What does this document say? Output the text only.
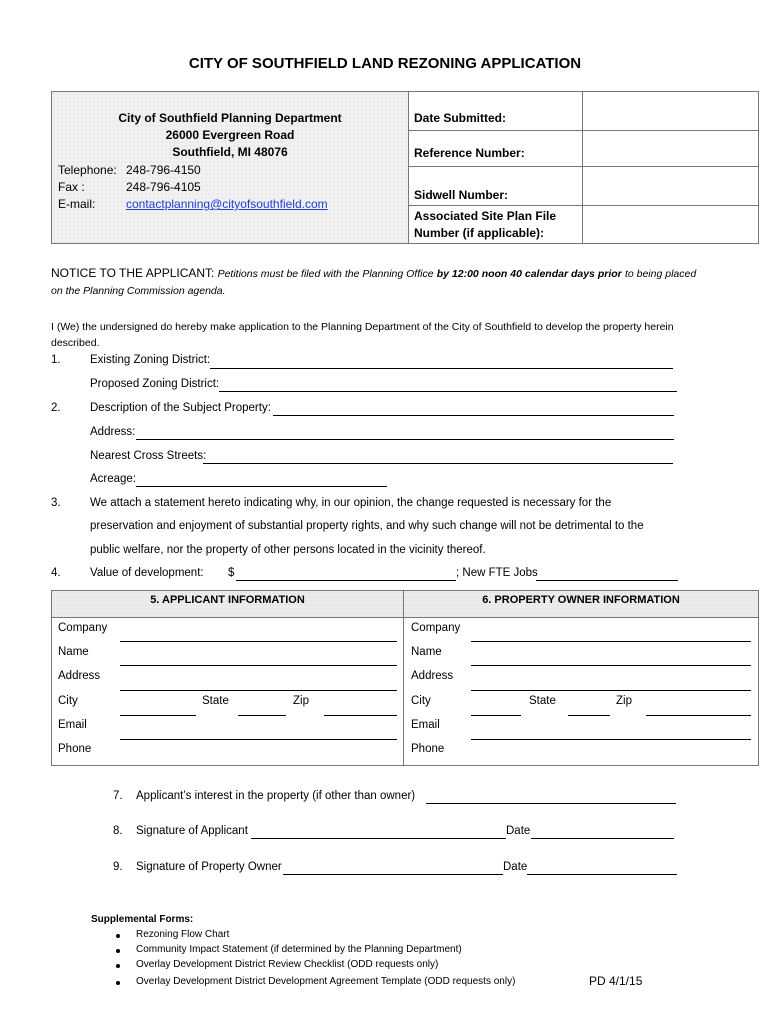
CITY OF SOUTHFIELD LAND REZONING APPLICATION
City of Southfield Planning Department
26000 Evergreen Road
Southfield, MI 48076
Telephone: 248-796-4150
Fax :	248-796-4105
E-mail:	contactplanning@cityofsouthfield.com
Date Submitted:
Reference Number:
Sidwell Number:
Associated Site Plan File
Number (if applicable):
NOTICE TO THE APPLICANT: Petitions must be filed with the Planning Office by 12:00 noon 40 calendar days prior to being placed
on the Planning Commission agenda.
I (We) the undersigned do hereby make application to the Planning Department of the City of Southfield to develop the property herein
described.
1.	Existing Zoning District:
Proposed Zoning District:
2.	Description of the Subject Property:
Address:
Nearest Cross Streets:
Acreage:
3.	We attach a statement hereto indicating why, in our opinion, the change requested is necessary for the
preservation and enjoyment of substantial property rights, and why such change will not be detrimental to the
public welfare, nor the property of other persons located in the vicinity thereof.
4.	Value of development: $	; New FTE Jobs
5. APPLICANT INFORMATION	6. PROPERTY OWNER INFORMATION
Company
Name
Address
City	State	Zip
Email
Phone
Company
Name
Address
City	State	Zip
Email
Phone
7. Applicant’s interest in the property (if other than owner)
8. Signature of Applicant	Date
9. Signature of Property Owner	Date
Supplemental Forms:
Rezoning Flow Chart
Community Impact Statement (if determined by the Planning Department)
Overlay Development District Review Checklist (ODD requests only)
Overlay Development District Development Agreement Template (ODD requests only)	PD 4/1/15
